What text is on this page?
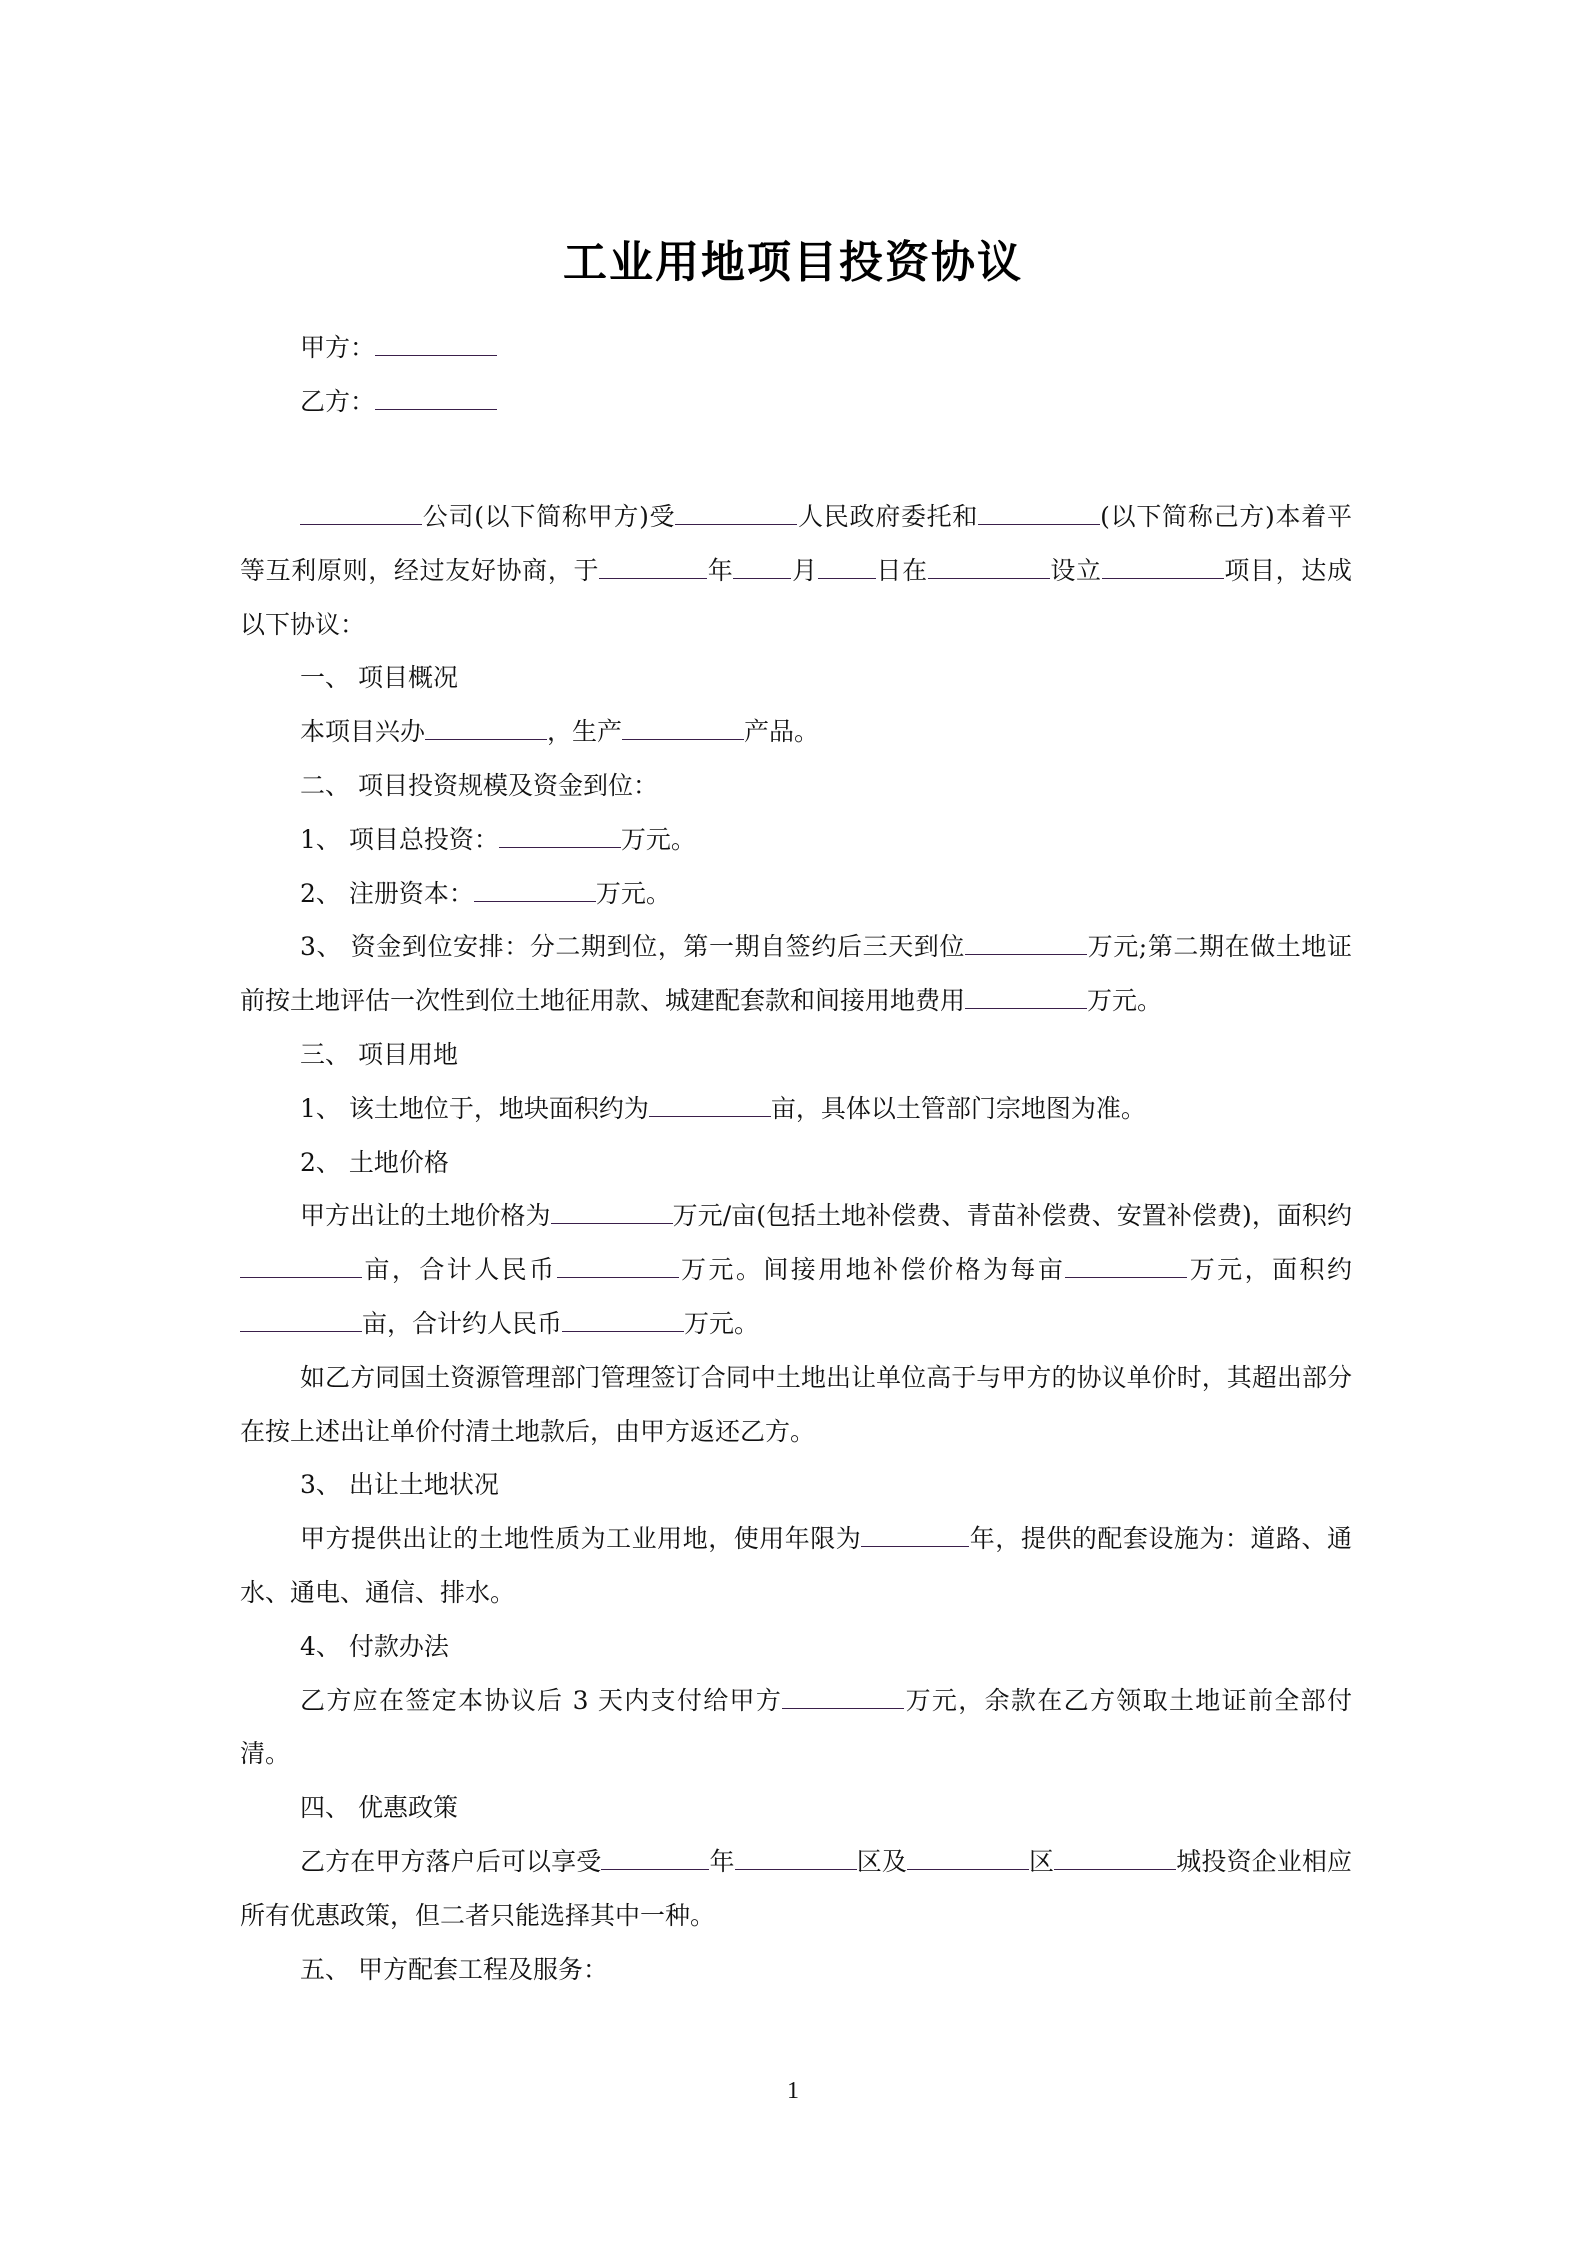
工业用地项目投资协议
甲方：
乙方：

公司(以下简称甲方)受	人民政府委托和	(以下简称己方)本着平等互利原则，经过友好协商，于	年 月 日在	设立	项目，达成以下协议：

一、 项目概况

本项目兴办	，生产	产品。

二、 项目投资规模及资金到位：

1、 项目总投资：	万元。

2、 注册资本：	万元。

3、 资金到位安排：分二期到位，第一期自签约后三天到位	万元;第二期在做土地证前按土地评估一次性到位土地征用款、城建配套款和间接用地费用	万元。

三、 项目用地

1、 该土地位于，地块面积约为	亩，具体以土管部门宗地图为准。

2、 土地价格

甲方出让的土地价格为	万元/亩(包括土地补偿费、青苗补偿费、安置补偿费)，面积约亩，合计人民币	万元。间接用地补偿价格为每亩	万元，面积约亩，合计约人民币	万元。

如乙方同国土资源管理部门管理签订合同中土地出让单位高于与甲方的协议单价时，其超出部分在按上述出让单价付清土地款后，由甲方返还乙方。

3、 出让土地状况

甲方提供出让的土地性质为工业用地，使用年限为	年，提供的配套设施为：道路、通水、通电、通信、排水。

4、 付款办法

乙方应在签定本协议后 3 天内支付给甲方	万元，余款在乙方领取土地证前全部付清。

四、 优惠政策

乙方在甲方落户后可以享受	年	区及	区	城投资企业相应所有优惠政策，但二者只能选择其中一种。

五、 甲方配套工程及服务：

1
